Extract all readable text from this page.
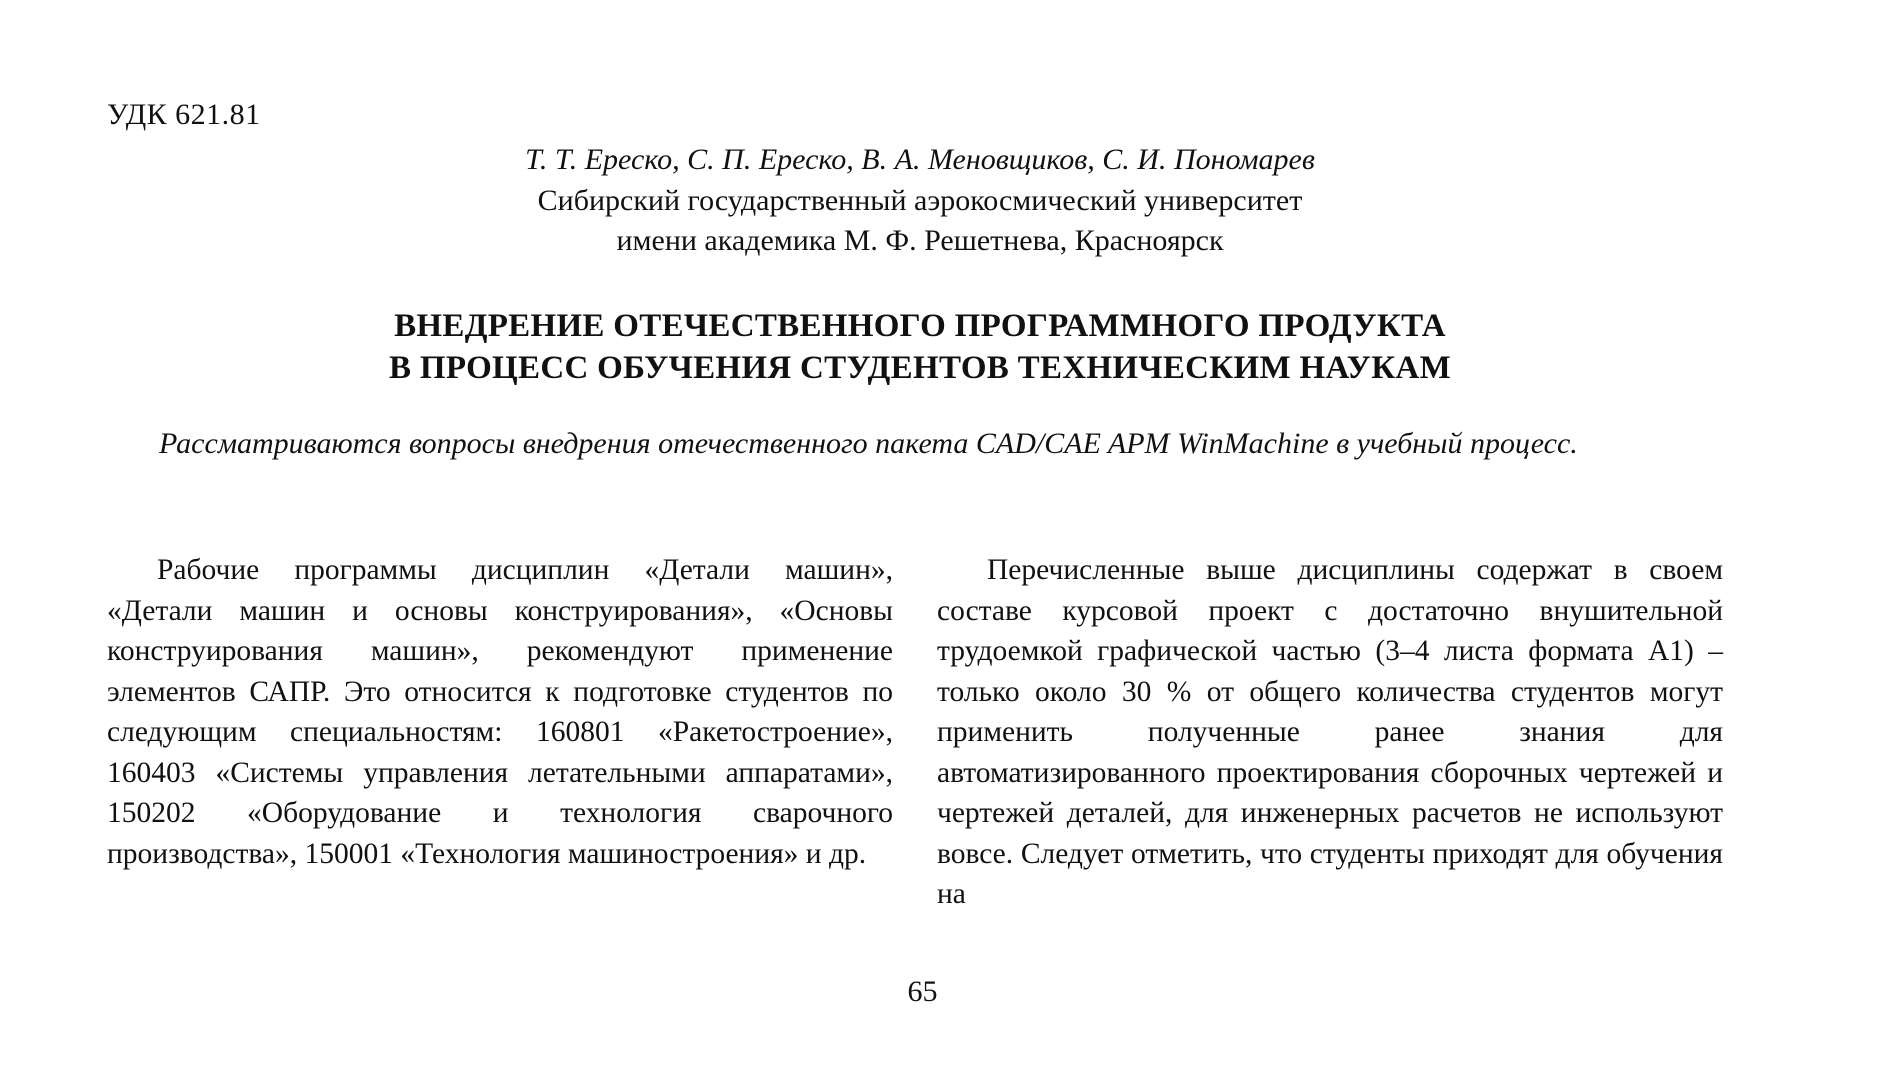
УДК 621.81
Т. Т. Ереско, С. П. Ереско, В. А. Меновщиков, С. И. Пономарев
Сибирский государственный аэрокосмический университет
имени академика М. Ф. Решетнева, Красноярск
ВНЕДРЕНИЕ ОТЕЧЕСТВЕННОГО ПРОГРАММНОГО ПРОДУКТА
В ПРОЦЕСС ОБУЧЕНИЯ СТУДЕНТОВ ТЕХНИЧЕСКИМ НАУКАМ
Рассматриваются вопросы внедрения отечественного пакета CAD/CAE APM WinMachine в учебный процесс.
Рабочие программы дисциплин «Детали машин», «Детали машин и основы конструирования», «Основы конструирования машин», рекомендуют применение элементов САПР. Это относится к подготовке студентов по следующим специальностям: 160801 «Ракетостроение», 160403 «Системы управления летательными аппаратами», 150202 «Оборудование и технология сварочного производства», 150001 «Технология машиностроения» и др.
Перечисленные выше дисциплины содержат в своем составе курсовой проект с достаточно внушительной трудоемкой графической частью (3–4 листа формата А1) – только около 30 % от общего количества студентов могут применить полученные ранее знания для автоматизированного проектирования сборочных чертежей и чертежей деталей, для инженерных расчетов не используют вовсе. Следует отметить, что студенты приходят для обучения на
65
